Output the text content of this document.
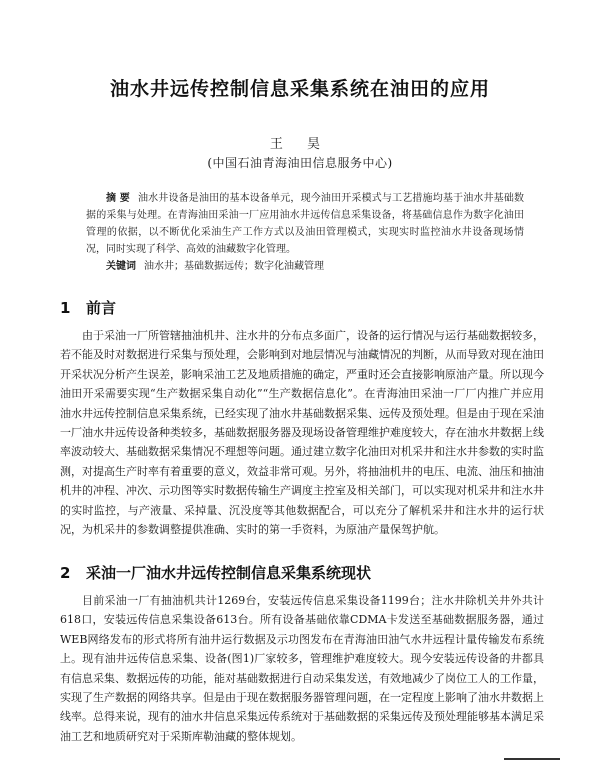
油水井远传控制信息采集系统在油田的应用
王 昊
(中国石油青海油田信息服务中心)

摘 要 油水井设备是油田的基本设备单元，现今油田开采模式与工艺措施均基于油水井基础数据的采集与处理。在青海油田采油一厂应用油水井远传信息采集设备，将基础信息作为数字化油田管理的依据，以不断优化采油生产工作方式以及油田管理模式，实现实时监控油水井设备现场情况，同时实现了科学、高效的油藏数字化管理。

关键词 油水井；基础数据远传；数字化油藏管理

1 前言

由于采油一厂所管辖抽油机井、注水井的分布点多面广，设备的运行情况与运行基础数据较多，若不能及时对数据进行采集与预处理，会影响到对地层情况与油藏情况的判断，从而导致对现在油田开采状况分析产生误差，影响采油工艺及地质措施的确定，严重时还会直接影响原油产量。所以现今油田开采需要实现“生产数据采集自动化”“生产数据信息化”。在青海油田采油一厂厂内推广并应用油水井远传控制信息采集系统，已经实现了油水井基础数据采集、远传及预处理。但是由于现在采油一厂油水井远传设备种类较多，基础数据服务器及现场设备管理维护难度较大，存在油水井数据上线率波动较大、基础数据采集情况不理想等问题。通过建立数字化油田对机采井和注水井参数的实时监测，对提高生产时率有着重要的意义，效益非常可观。另外，将抽油机井的电压、电流、油压和抽油机井的冲程、冲次、示功图等实时数据传输生产调度主控室及相关部门，可以实现对机采井和注水井的实时监控，与产液量、采掉量、沉没度等其他数据配合，可以充分了解机采井和注水井的运行状况，为机采井的参数调整提供准确、实时的第一手资料，为原油产量保驾护航。

2 采油一厂油水井远传控制信息采集系统现状

目前采油一厂有抽油机共计1269台，安装远传信息采集设备1199台；注水井除机关井外共计618口，安装远传信息采集设备613台。所有设备基础依靠CDMA卡发送至基础数据服务器，通过WEB网络发布的形式将所有油井运行数据及示功图发布在青海油田油气水井远程计量传输发布系统上。现有油井远传信息采集、设备(图1)厂家较多，管理维护难度较大。现今安装远传设备的井都具有信息采集、数据远传的功能，能对基础数据进行自动采集发送，有效地减少了岗位工人的工作量，实现了生产数据的网络共享。但是由于现在数据服务器管理问题，在一定程度上影响了油水井数据上线率。总得来说，现有的油水井信息采集远传系统对于基础数据的采集远传及预处理能够基本满足采油工艺和地质研究对于采斯库勒油藏的整体规划。
